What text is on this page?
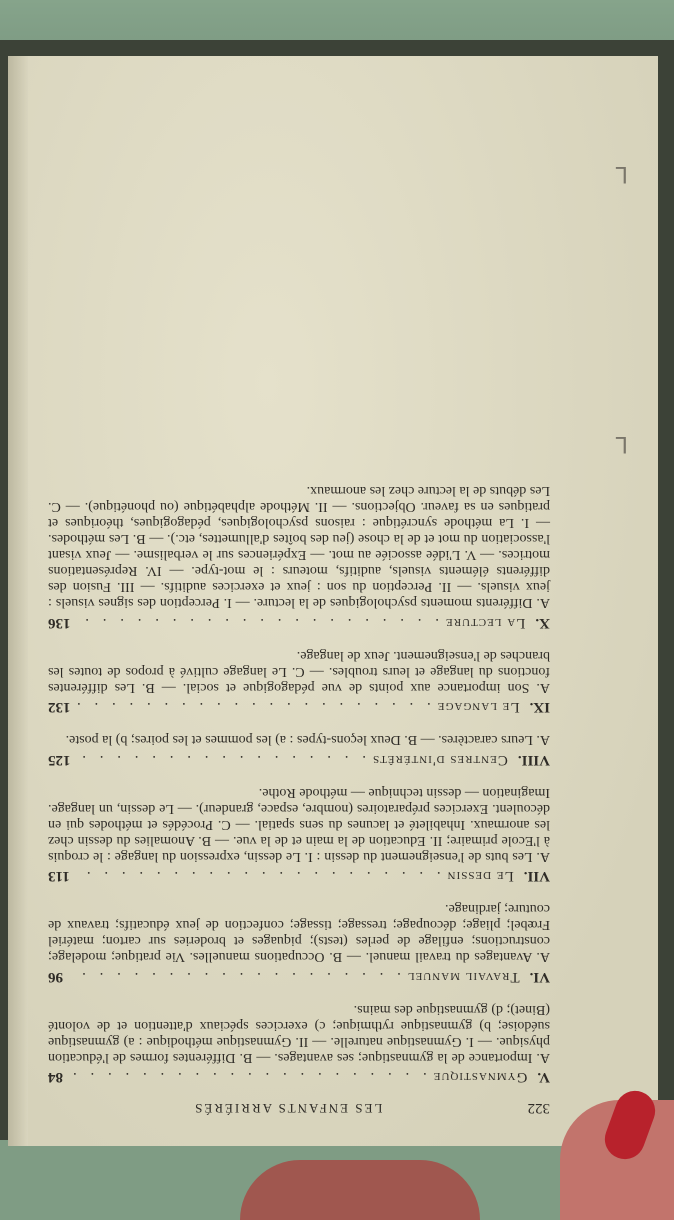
322
LES ENFANTS ARRIÉRÉS
V.
Gymnastique
. . .
84
A. Importance de la gymnastique; ses avantages. — B. Différentes formes de l'éducation physique. — I. Gymnastique naturelle. — II. Gymnastique méthodique : a) gymnastique suédoise; b) gymnastique rythmique; c) exercices spéciaux d'attention et de volonté (Binet); d) gymnastique des mains.
VI.
Travail manuel
. . .
96
A. Avantages du travail manuel. — B. Occupations manuelles. Vie pratique; modelage; constructions; enfilage de perles (tests); piquages et broderies sur carton; matériel Frœbel; pliage; découpage; tressage; tissage; confection de jeux éducatifs; travaux de couture; jardinage.
VII.
Le dessin
. . .
113
A. Les buts de l'enseignement du dessin : I. Le dessin, expression du langage : le croquis à l'Ecole primaire; II. Education de la main et de la vue. — B. Anomalies du dessin chez les anormaux. Inhabileté et lacunes du sens spatial. — C. Procédés et méthodes qui en découlent. Exercices préparatoires (nombre, espace, grandeur). — Le dessin, un langage. Imagination — dessin technique — méthode Rothe.
VIII.
Centres d'intérêts
. . .
125
A. Leurs caractères. — B. Deux leçons-types : a) les pommes et les poires; b) la poste.
IX.
Le langage
. . .
132
A. Son importance aux points de vue pédagogique et social. — B. Les différentes fonctions du langage et leurs troubles. — C. Le langage cultivé à propos de toutes les branches de l'enseignement. Jeux de langage.
X.
La lecture
. . .
136
A. Différents moments psychologiques de la lecture. — I. Perception des signes visuels : jeux visuels. — II. Perception du son : jeux et exercices auditifs. — III. Fusion des différents éléments visuels, auditifs, moteurs : le mot-type. — IV. Représentations motrices. — V. L'idée associée au mot. — Expériences sur le verbalisme. — Jeux visant l'association du mot et de la chose (jeu des boîtes d'allumettes, etc.). — B. Les méthodes. — I. La méthode syncrétique : raisons psychologiques, pédagogiques, théoriques et pratiques en sa faveur. Objections. — II. Méthode alphabétique (ou phonétique). — C. Les débuts de la lecture chez les anormaux.
L
L
